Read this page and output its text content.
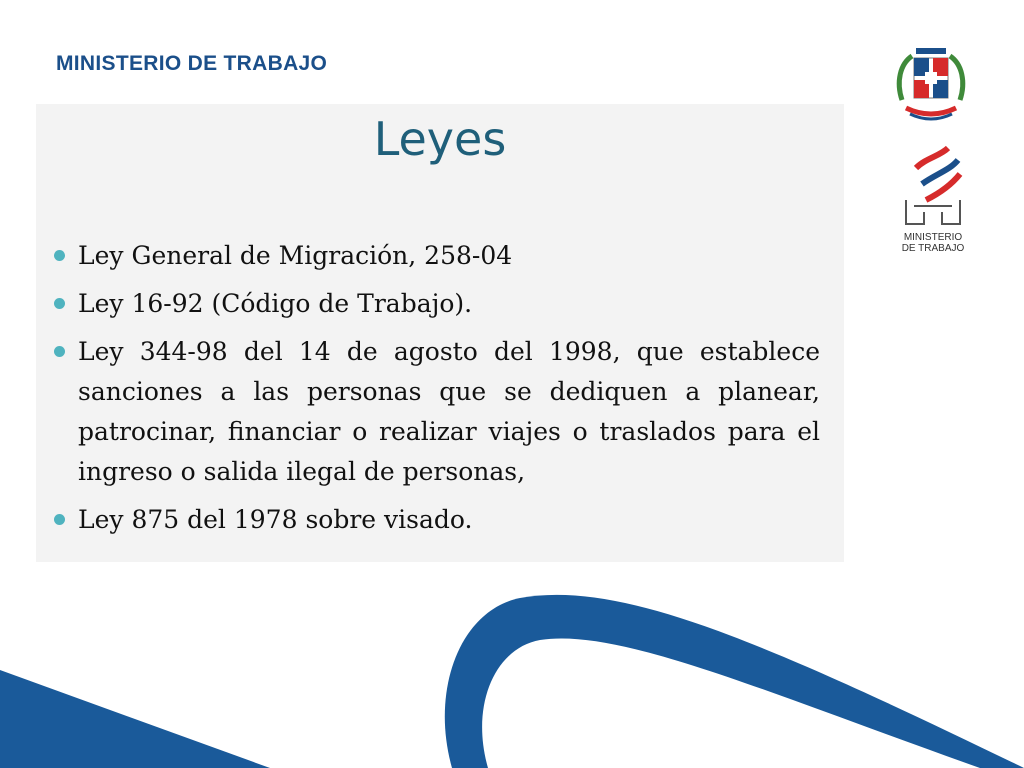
MINISTERIO DE TRABAJO
Leyes
Ley General de Migración, 258-04
Ley 16-92 (Código de Trabajo).
Ley 344-98 del 14 de agosto del 1998, que establece sanciones a las personas que se dediquen a planear, patrocinar, financiar o realizar viajes o traslados para el ingreso o salida ilegal de personas,
Ley 875 del 1978 sobre visado.
MINISTERIO
DE TRABAJO
